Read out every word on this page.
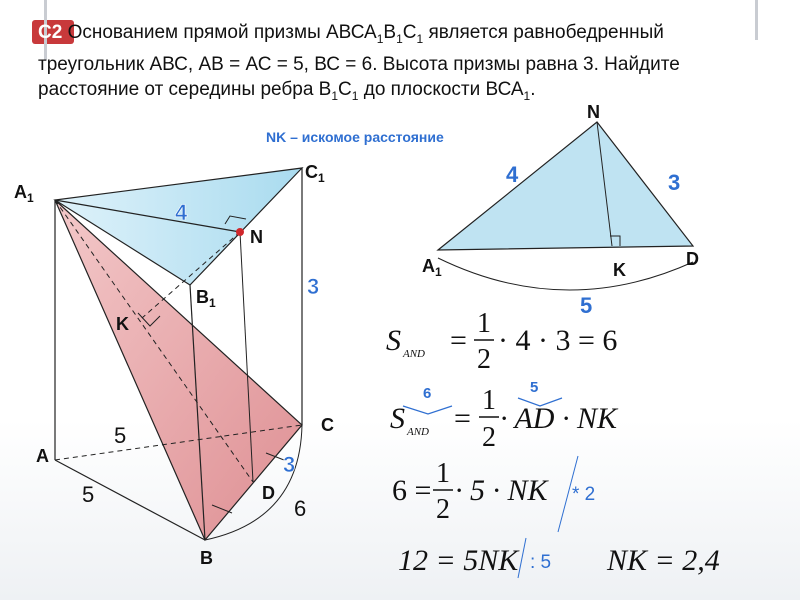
С2 Основанием прямой призмы $АВСА_1В_1С_1$ является равнобедренный треугольник АВС, АВ = АС = 5, ВС = 6. Высота призмы равна 3. Найдите расстояние от середины ребра $В_1С_1$ до плоскости $ВСА_1$.
$A_1$
$C_1$
$B_1$
N
K
A
B
C
D
4
3
3
5
5
6
NK – искомое расстояние
N
$A_1$	K
D
4	3
5
S AND =
1
2
· 4 · 3 = 6
6	5
S AND =
1
2
· AD · NK
6 =
1
2
· 5 · NK * 2
12 = 5NK : 5 NK = 2,4
